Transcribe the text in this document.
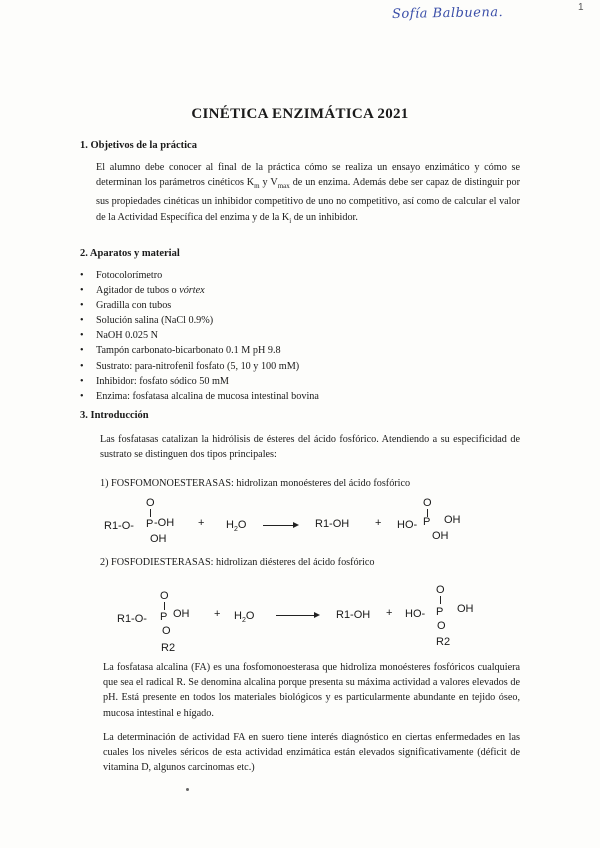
Sofía Balbuena.	1
CINÉTICA ENZIMÁTICA 2021
1. Objetivos de la práctica
El alumno debe conocer al final de la práctica cómo se realiza un ensayo enzimático y cómo se determinan los parámetros cinéticos $K_m$ y $V_{max}$ de un enzima. Además debe ser capaz de distinguir por sus propiedades cinéticas un inhibidor competitivo de uno no competitivo, así como de calcular el valor de la Actividad Específica del enzima y de la $K_i$ de un inhibidor.
2. Aparatos y material
• Fotocolorímetro
• Agitador de tubos o vórtex
• Gradilla con tubos
• Solución salina (NaCl 0.9%)
• NaOH 0.025 N
• Tampón carbonato-bicarbonato 0.1 M pH 9.8
• Sustrato: para-nitrofenil fosfato (5, 10 y 100 mM)
• Inhibidor: fosfato sódico 50 mM
• Enzima: fosfatasa alcalina de mucosa intestinal bovina
3. Introducción
Las fosfatasas catalizan la hidrólisis de ésteres del ácido fosfórico. Atendiendo a su especificidad de sustrato se distinguen dos tipos principales:
1) FOSFOMONOESTERASAS: hidrolizan monoésteres del ácido fosfórico
O
R1-O- P -OH
OH
+ $H_2O$	R1-OH +
O
HO- P OH
OH
2) FOSFODIESTERASAS: hidrolizan diésteres del ácido fosfórico
O
R1-O- P OH
O
R2
+ $H_2O$	R1-OH +
O
HO- P OH
O
R2
La fosfatasa alcalina (FA) es una fosfomonoesterasa que hidroliza monoésteres fosfóricos cualquiera que sea el radical R. Se denomina alcalina porque presenta su máxima actividad a valores elevados de pH. Está presente en todos los materiales biológicos y es particularmente abundante en tejido óseo, mucosa intestinal e hígado.
La determinación de actividad FA en suero tiene interés diagnóstico en ciertas enfermedades en las cuales los niveles séricos de esta actividad enzimática están elevados significativamente (déficit de vitamina D, algunos carcinomas etc.)
